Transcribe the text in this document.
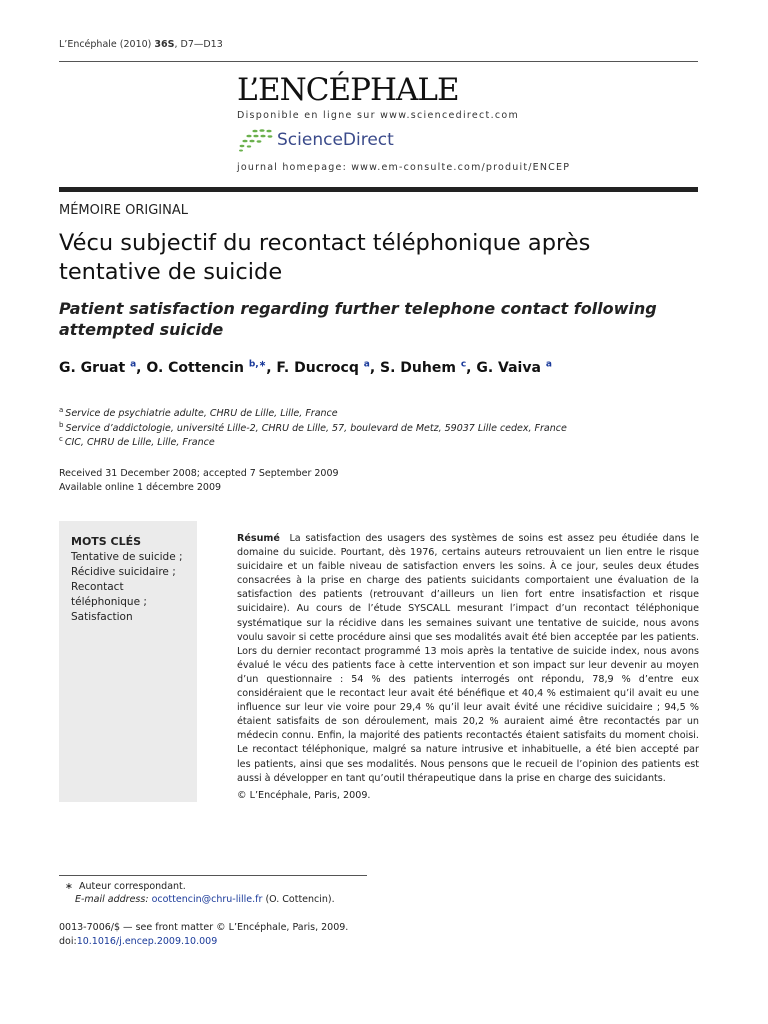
L’Encéphale (2010) 36S, D7—D13
L’ENCÉPHALE
Disponible en ligne sur www.sciencedirect.com
ScienceDirect
journal homepage: www.em-consulte.com/produit/ENCEP
MÉMOIRE ORIGINAL
Vécu subjectif du recontact téléphonique après tentative de suicide
Patient satisfaction regarding further telephone contact following attempted suicide
G. Gruat $^a$, O. Cottencin $^{b,∗}$, F. Ducrocq $^a$, S. Duhem $^c$, G. Vaiva $^a$
$^a$ Service de psychiatrie adulte, CHRU de Lille, Lille, France
$^b$ Service d’addictologie, université Lille-2, CHRU de Lille, 57, boulevard de Metz, 59037 Lille cedex, France
$^c$ CIC, CHRU de Lille, Lille, France
Received 31 December 2008; accepted 7 September 2009
Available online 1 décembre 2009
MOTS CLÉS
Tentative de suicide ;
Récidive suicidaire ;
Recontact
téléphonique ;
Satisfaction
Résumé La satisfaction des usagers des systèmes de soins est assez peu étudiée dans le domaine du suicide. Pourtant, dès 1976, certains auteurs retrouvaient un lien entre le risque suicidaire et un faible niveau de satisfaction envers les soins. À ce jour, seules deux études consacrées à la prise en charge des patients suicidants comportaient une évaluation de la satisfaction des patients (retrouvant d’ailleurs un lien fort entre insatisfaction et risque suicidaire). Au cours de l’étude SYSCALL mesurant l’impact d’un recontact téléphonique systématique sur la récidive dans les semaines suivant une tentative de suicide, nous avons voulu savoir si cette procédure ainsi que ses modalités avait été bien acceptée par les patients. Lors du dernier recontact programmé 13 mois après la tentative de suicide index, nous avons évalué le vécu des patients face à cette intervention et son impact sur leur devenir au moyen d’un questionnaire : 54 % des patients interrogés ont répondu, 78,9 % d’entre eux considéraient que le recontact leur avait été bénéfique et 40,4 % estimaient qu’il avait eu une influence sur leur vie voire pour 29,4 % qu’il leur avait évité une récidive suicidaire ; 94,5 % étaient satisfaits de son déroulement, mais 20,2 % auraient aimé être recontactés par un médecin connu. Enfin, la majorité des patients recontactés étaient satisfaits du moment choisi. Le recontact téléphonique, malgré sa nature intrusive et inhabituelle, a été bien accepté par les patients, ainsi que ses modalités. Nous pensons que le recueil de l’opinion des patients est aussi à développer en tant qu’outil thérapeutique dans la prise en charge des suicidants.
© L’Encéphale, Paris, 2009.
∗ Auteur correspondant.
E-mail address: ocottencin@chru-lille.fr (O. Cottencin).
0013-7006/$ — see front matter © L’Encéphale, Paris, 2009.
doi:10.1016/j.encep.2009.10.009
